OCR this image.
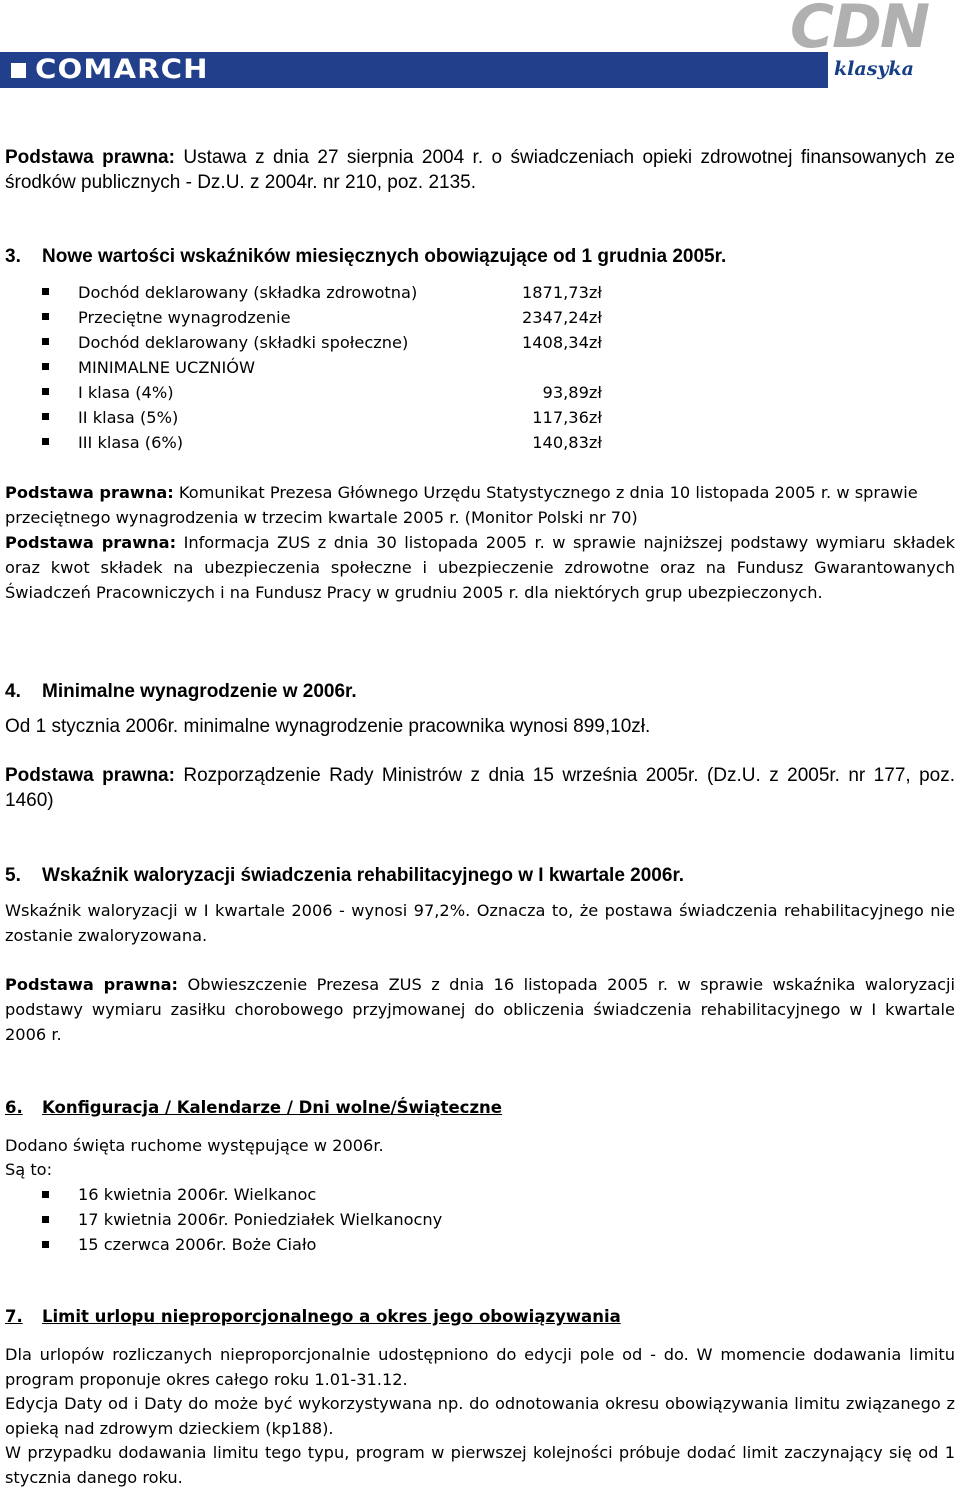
COMARCH
CDN
klasyka
Podstawa prawna: Ustawa z dnia 27 sierpnia 2004 r. o świadczeniach opieki zdrowotnej finansowanych ze środków publicznych - Dz.U. z 2004r. nr 210, poz. 2135.
3. Nowe wartości wskaźników miesięcznych obowiązujące od 1 grudnia 2005r.
Dochód deklarowany (składka zdrowotna)	1871,73zł
Przeciętne wynagrodzenie	2347,24zł
Dochód deklarowany (składki społeczne)	1408,34zł
MINIMALNE UCZNIÓW
I klasa (4%)	93,89zł
II klasa (5%)	117,36zł
III klasa (6%)	140,83zł
Podstawa prawna: Komunikat Prezesa Głównego Urzędu Statystycznego z dnia 10 listopada 2005 r. w sprawie przeciętnego wynagrodzenia w trzecim kwartale 2005 r. (Monitor Polski nr 70)
Podstawa prawna: Informacja ZUS z dnia 30 listopada 2005 r. w sprawie najniższej podstawy wymiaru składek oraz kwot składek na ubezpieczenia społeczne i ubezpieczenie zdrowotne oraz na Fundusz Gwarantowanych Świadczeń Pracowniczych i na Fundusz Pracy w grudniu 2005 r. dla niektórych grup ubezpieczonych.
4. Minimalne wynagrodzenie w 2006r.
Od 1 stycznia 2006r. minimalne wynagrodzenie pracownika wynosi 899,10zł.
Podstawa prawna: Rozporządzenie Rady Ministrów z dnia 15 września 2005r. (Dz.U. z 2005r. nr 177, poz. 1460)
5. Wskaźnik waloryzacji świadczenia rehabilitacyjnego w I kwartale 2006r.
Wskaźnik waloryzacji w I kwartale 2006 - wynosi 97,2%. Oznacza to, że postawa świadczenia rehabilitacyjnego nie zostanie zwaloryzowana.
Podstawa prawna: Obwieszczenie Prezesa ZUS z dnia 16 listopada 2005 r. w sprawie wskaźnika waloryzacji podstawy wymiaru zasiłku chorobowego przyjmowanej do obliczenia świadczenia rehabilitacyjnego w I kwartale 2006 r.
6. Konfiguracja / Kalendarze / Dni wolne/Świąteczne
Dodano święta ruchome występujące w 2006r.
Są to:
16 kwietnia 2006r. Wielkanoc
17 kwietnia 2006r. Poniedziałek Wielkanocny
15 czerwca 2006r. Boże Ciało
7. Limit urlopu nieproporcjonalnego a okres jego obowiązywania
Dla urlopów rozliczanych nieproporcjonalnie udostępniono do edycji pole od - do. W momencie dodawania limitu program proponuje okres całego roku 1.01-31.12.
Edycja Daty od i Daty do może być wykorzystywana np. do odnotowania okresu obowiązywania limitu związanego z opieką nad zdrowym dzieckiem (kp188).
W przypadku dodawania limitu tego typu, program w pierwszej kolejności próbuje dodać limit zaczynający się od 1 stycznia danego roku.
